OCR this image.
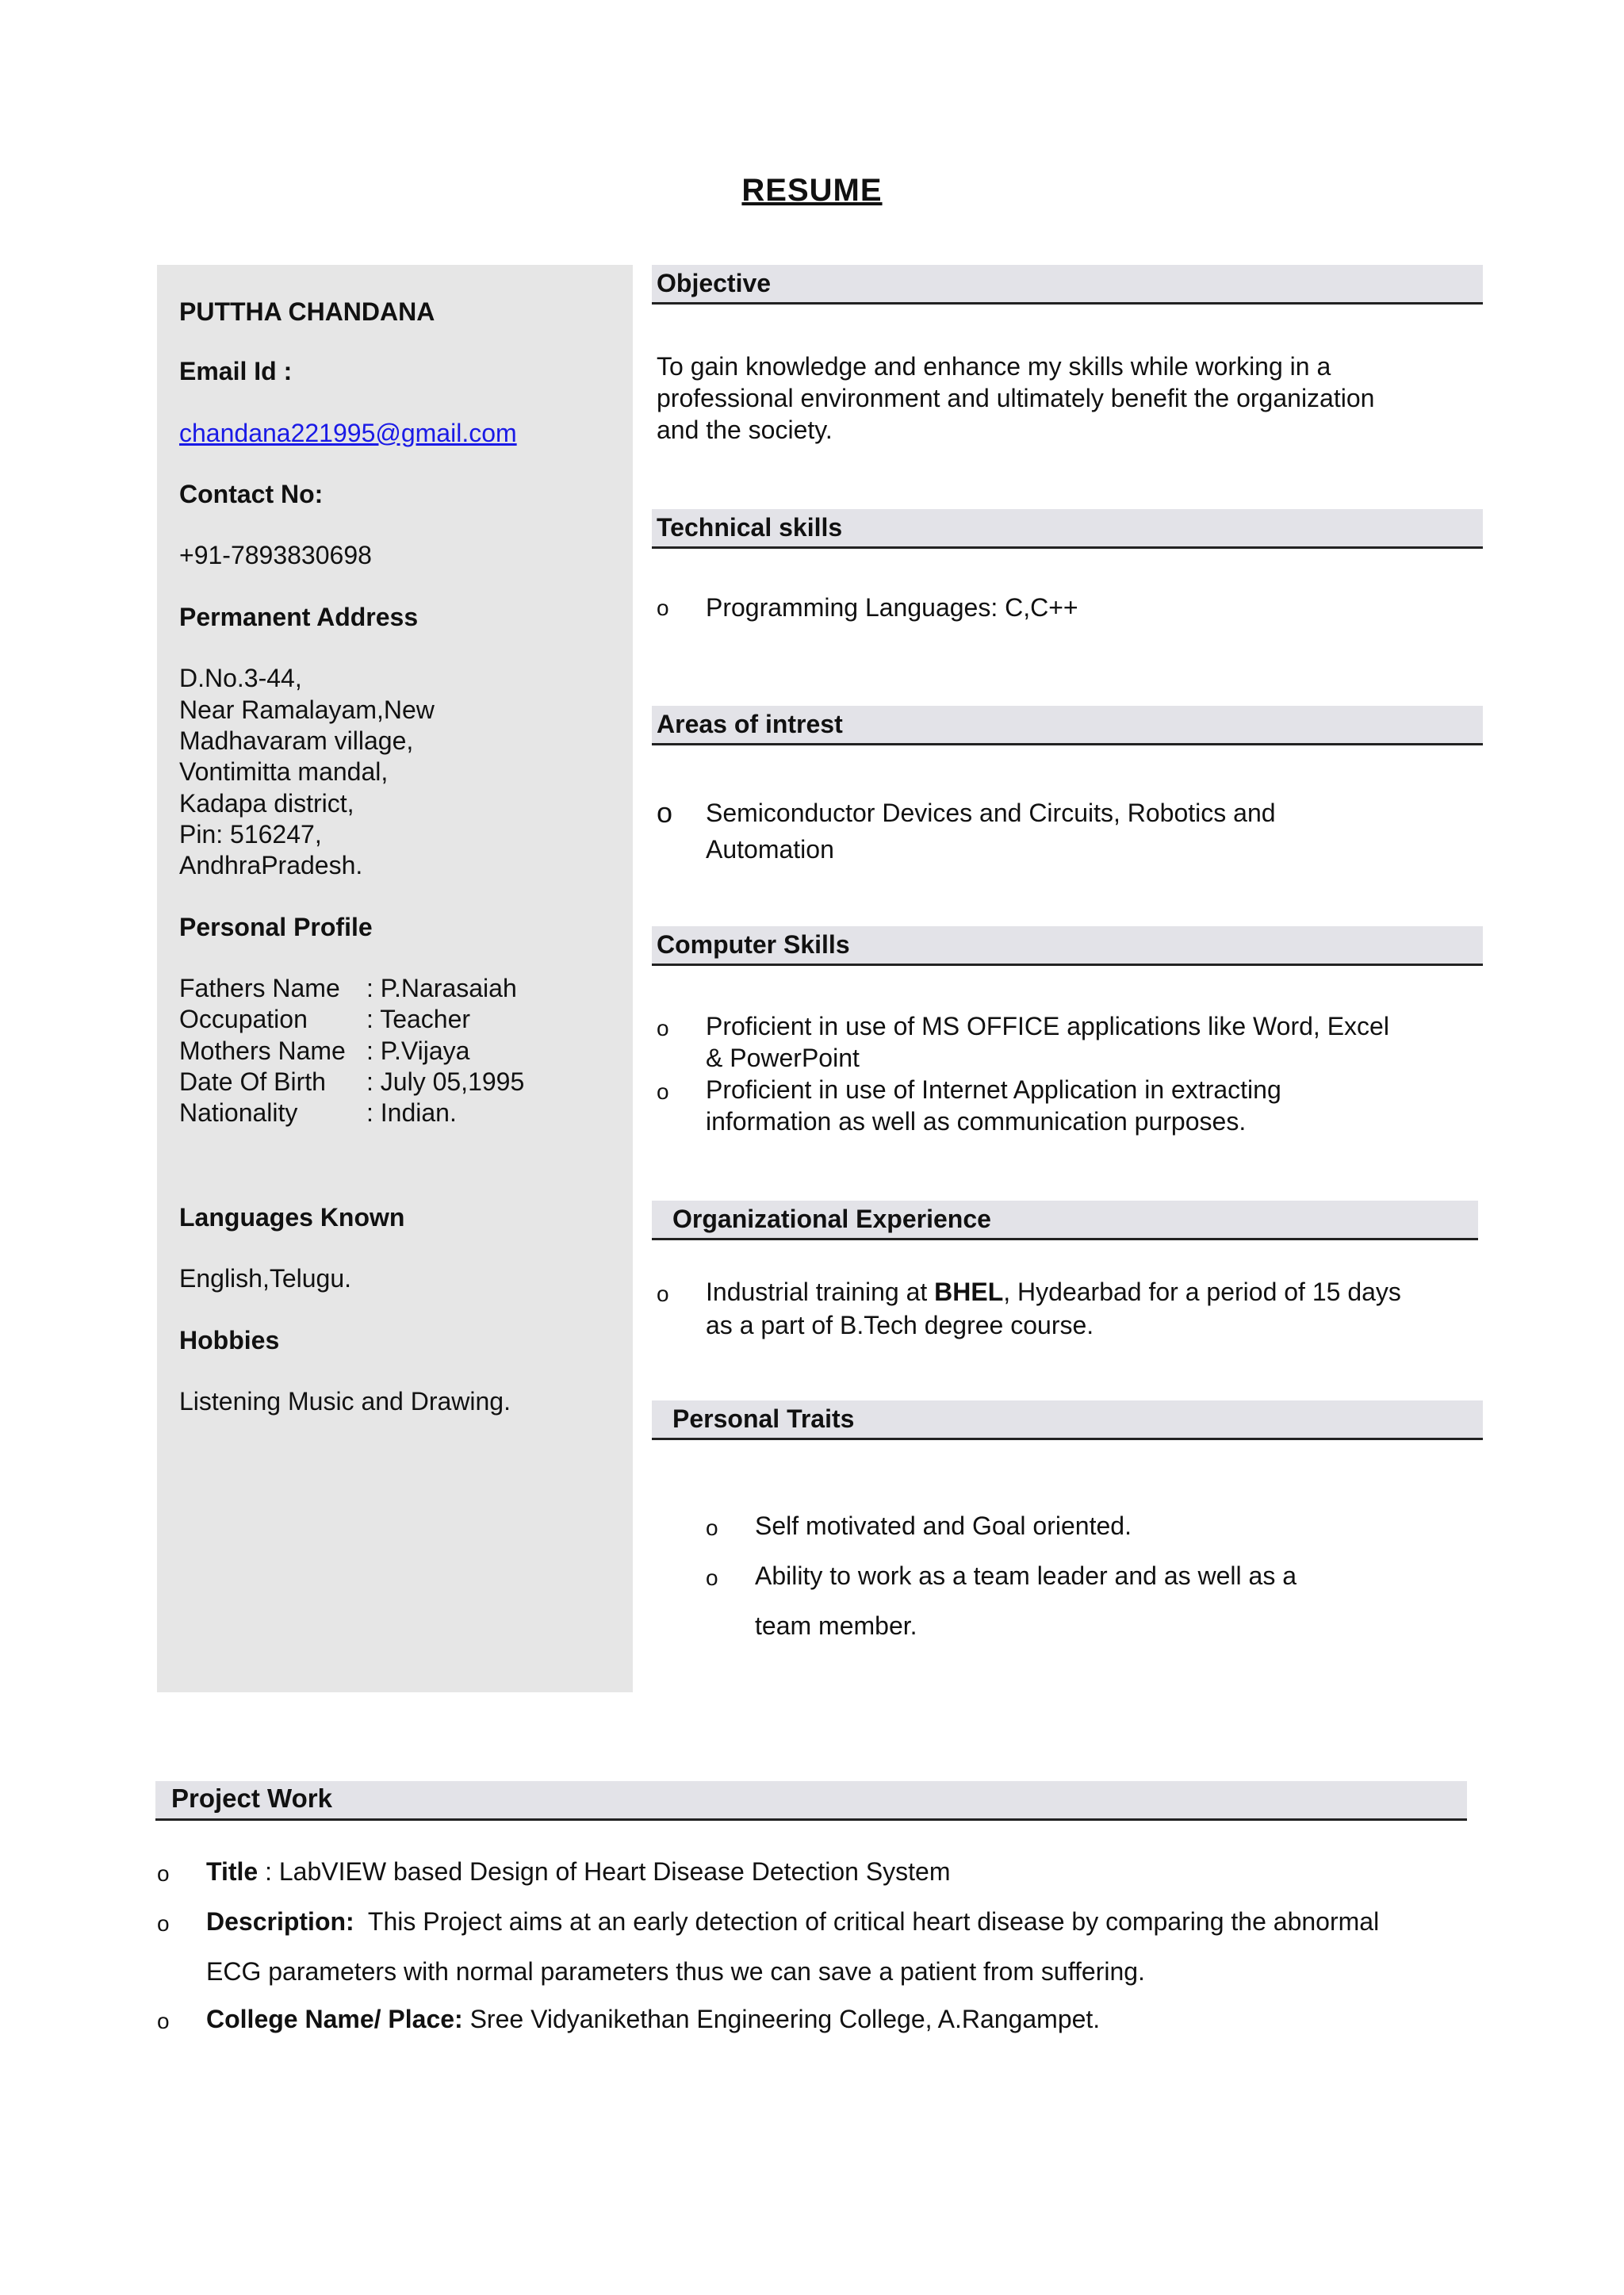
RESUME
PUTTHA CHANDANA
Email Id :
chandana221995@gmail.com
Contact No:
+91-7893830698
Permanent Address
D.No.3-44,
Near Ramalayam,New
Madhavaram village,
Vontimitta mandal,
Kadapa district,
Pin: 516247,
AndhraPradesh.
Personal Profile
Fathers Name	: P.Narasaiah
Occupation	: Teacher
Mothers Name : P.Vijaya
Date Of Birth	: July 05,1995
Nationality	: Indian.
Languages Known
English,Telugu.
Hobbies
Listening Music and Drawing.
Objective
To gain knowledge and enhance my skills while working in a
professional environment and ultimately benefit the organization
and the society.
Technical skills
o	Programming Languages: C,C++
Areas of intrest
o	Semiconductor Devices and Circuits, Robotics and
Automation
Computer Skills
o	Proficient in use of MS OFFICE applications like Word, Excel
& PowerPoint
o	Proficient in use of Internet Application in extracting
information as well as communication purposes.
Organizational Experience
o	Industrial training at BHEL, Hydearbad for a period of 15 days
as a part of B.Tech degree course.
Personal Traits
o	Self motivated and Goal oriented.
o	Ability to work as a team leader and as well as a
team member.
Project Work
o	Title : LabVIEW based Design of Heart Disease Detection System
o	Description: This Project aims at an early detection of critical heart disease by comparing the abnormal
ECG parameters with normal parameters thus we can save a patient from suffering.
o	College Name/ Place: Sree Vidyanikethan Engineering College, A.Rangampet.
